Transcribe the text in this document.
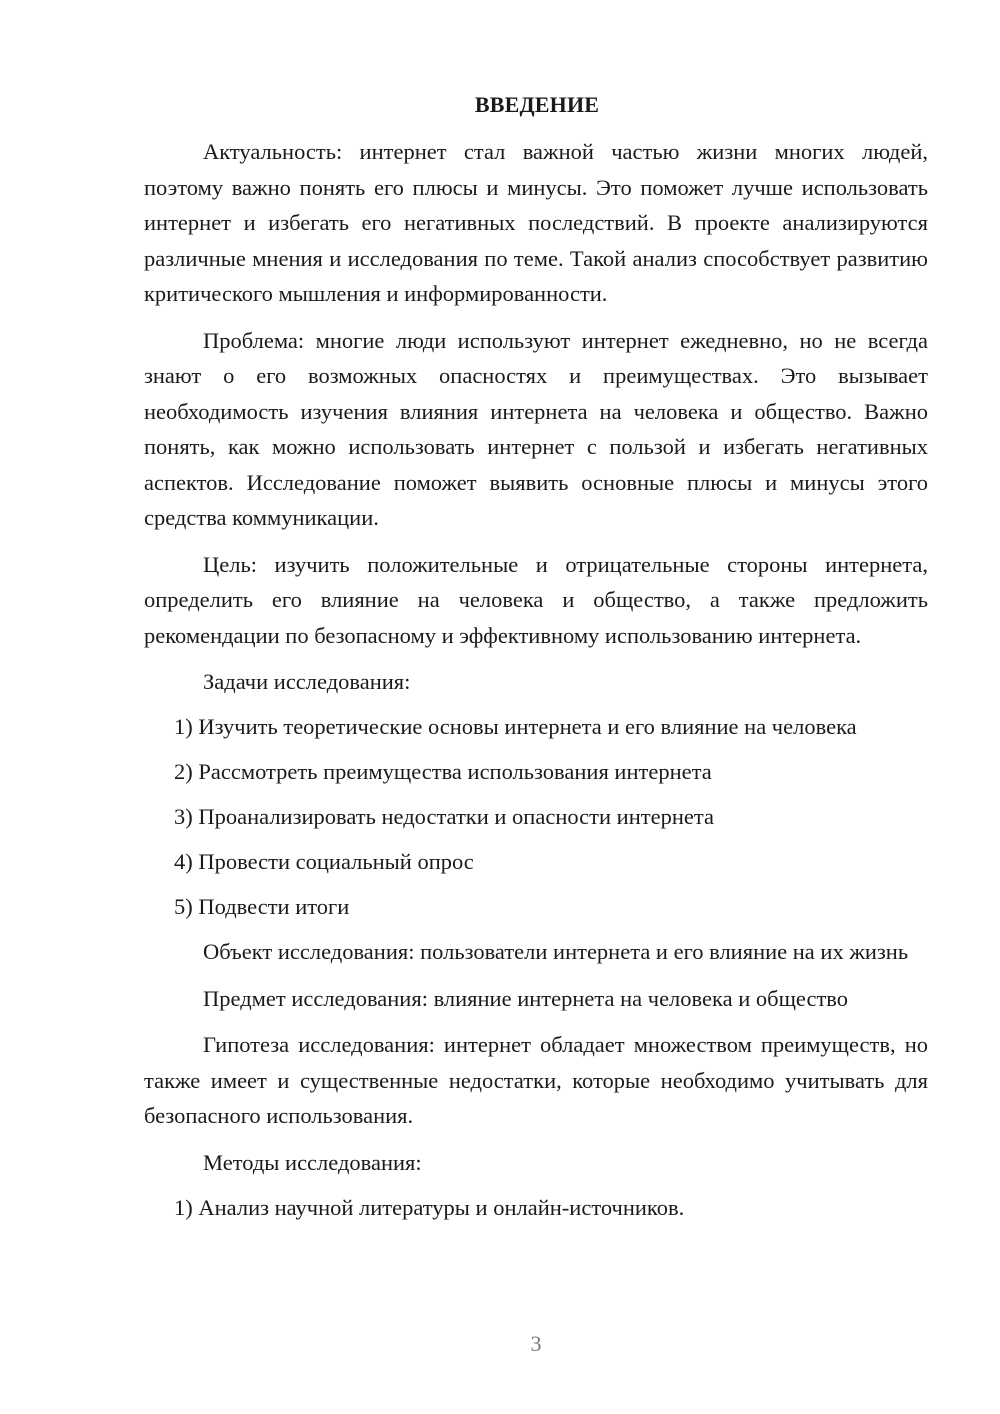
ВВЕДЕНИЕ

Актуальность: интернет стал важной частью жизни многих людей, поэтому важно понять его плюсы и минусы. Это поможет лучше использовать интернет и избегать его негативных последствий. В проекте анализируются различные мнения и исследования по теме. Такой анализ способствует развитию критического мышления и информированности.

Проблема: многие люди используют интернет ежедневно, но не всегда знают о его возможных опасностях и преимуществах. Это вызывает необходимость изучения влияния интернета на человека и общество. Важно понять, как можно использовать интернет с пользой и избегать негативных аспектов. Исследование поможет выявить основные плюсы и минусы этого средства коммуникации.

Цель: изучить положительные и отрицательные стороны интернета, определить его влияние на человека и общество, а также предложить рекомендации по безопасному и эффективному использованию интернета.

Задачи исследования:
1) Изучить теоретические основы интернета и его влияние на человека
2) Рассмотреть преимущества использования интернета
3) Проанализировать недостатки и опасности интернета
4) Провести социальный опрос
5) Подвести итоги

Объект исследования: пользователи интернета и его влияние на их жизнь

Предмет исследования: влияние интернета на человека и общество

Гипотеза исследования: интернет обладает множеством преимуществ, но также имеет и существенные недостатки, которые необходимо учитывать для безопасного использования.

Методы исследования:
1) Анализ научной литературы и онлайн-источников.
3
